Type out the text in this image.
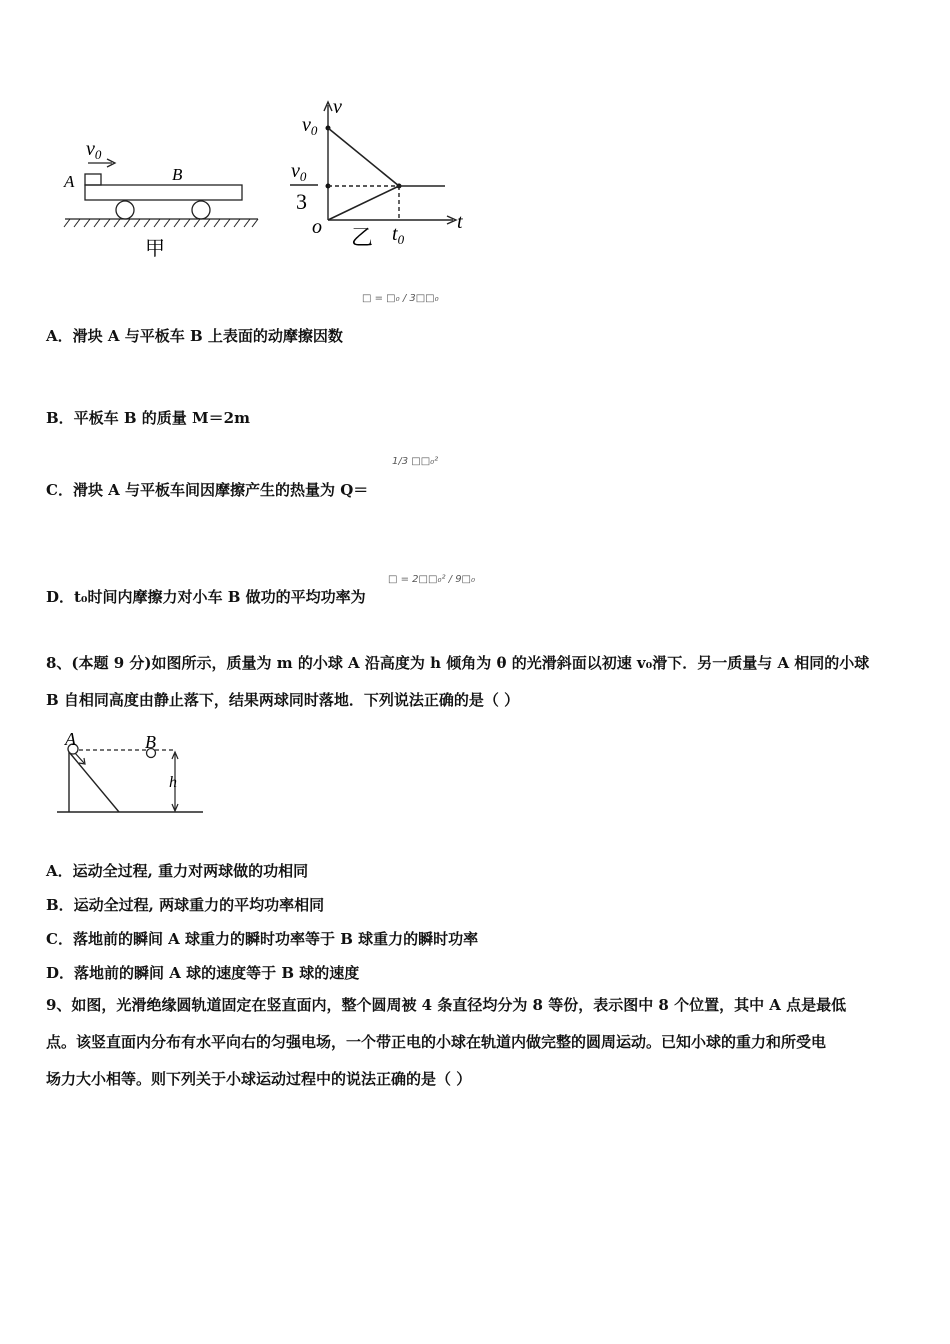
$v_0$
A	B
甲
v
t
o
$v_0$
$v_0$
3
$t_0$
乙
□ = □₀ / 3□□₀
A．滑块 A 与平板车 B 上表面的动摩擦因数
B．平板车 B 的质量 M＝2m
1/3 □□₀²
C．滑块 A 与平板车间因摩擦产生的热量为 Q＝
□ = 2□□₀² / 9□₀
D．t₀时间内摩擦力对小车 B 做功的平均功率为
8、(本题 9 分)如图所示，质量为 m 的小球 A 沿高度为 h 倾角为 θ 的光滑斜面以初速 v₀滑下．另一质量与 A 相同的小球
B 自相同高度由静止落下，结果两球同时落地．下列说法正确的是（ ）
A	B
h
A．运动全过程, 重力对两球做的功相同
B．运动全过程, 两球重力的平均功率相同
C．落地前的瞬间 A 球重力的瞬时功率等于 B 球重力的瞬时功率
D．落地前的瞬间 A 球的速度等于 B 球的速度
9、如图，光滑绝缘圆轨道固定在竖直面内，整个圆周被 4 条直径均分为 8 等份，表示图中 8 个位置，其中 A 点是最低
点。该竖直面内分布有水平向右的匀强电场，一个带正电的小球在轨道内做完整的圆周运动。已知小球的重力和所受电
场力大小相等。则下列关于小球运动过程中的说法正确的是（ ）
